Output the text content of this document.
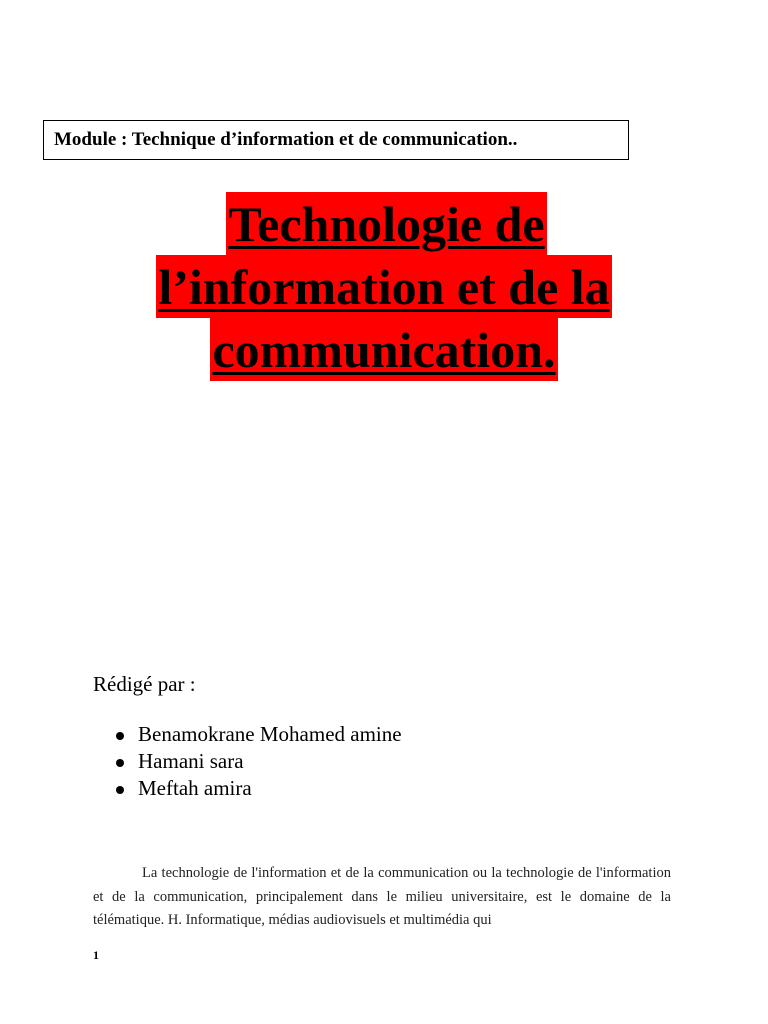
Module : Technique d’information et de communication..
Technologie de
l’information et de la
communication.
Rédigé par :
Benamokrane Mohamed amine
Hamani sara
Meftah amira

La technologie de l'information et de la communication ou la technologie de l'information et de la communication, principalement dans le milieu universitaire, est le domaine de la télématique. H. Informatique, médias audiovisuels et multimédia qui

1
